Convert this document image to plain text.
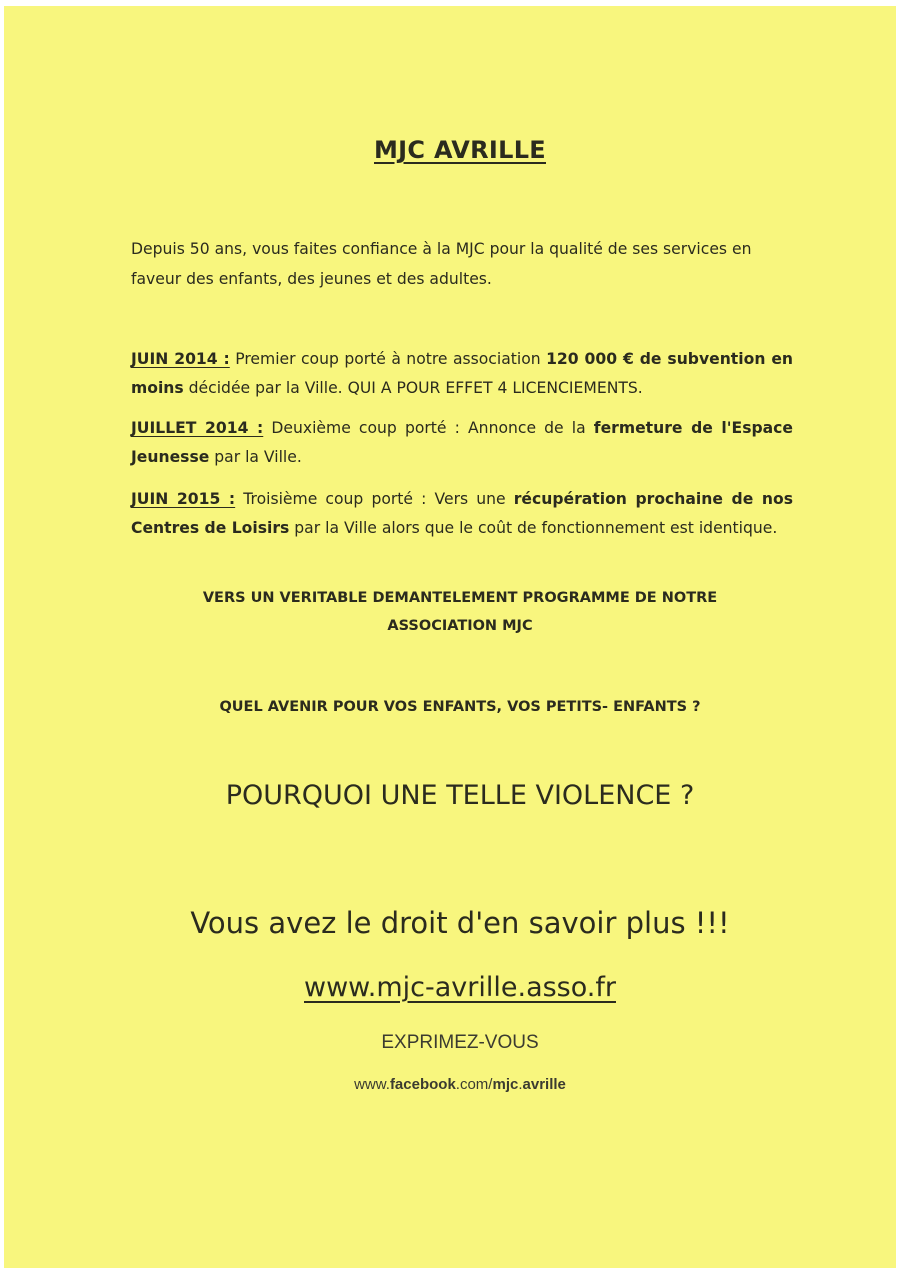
MJC AVRILLE
Depuis 50 ans, vous faites confiance à la MJC pour la qualité de ses services en faveur des enfants, des jeunes et des adultes.
JUIN 2014 : Premier coup porté à notre association 120 000 € de subvention en moins décidée par la Ville. QUI A POUR EFFET 4 LICENCIEMENTS.
JUILLET 2014 : Deuxième coup porté : Annonce de la fermeture de l'Espace Jeunesse par la Ville.
JUIN 2015 : Troisième coup porté : Vers une récupération prochaine de nos Centres de Loisirs par la Ville alors que le coût de fonctionnement est identique.
VERS UN VERITABLE DEMANTELEMENT PROGRAMME DE NOTRE
ASSOCIATION MJC
QUEL AVENIR POUR VOS ENFANTS, VOS PETITS- ENFANTS ?
POURQUOI UNE TELLE VIOLENCE ?
Vous avez le droit d'en savoir plus !!!
www.mjc-avrille.asso.fr
EXPRIMEZ-VOUS
www.facebook.com/mjc.avrille
